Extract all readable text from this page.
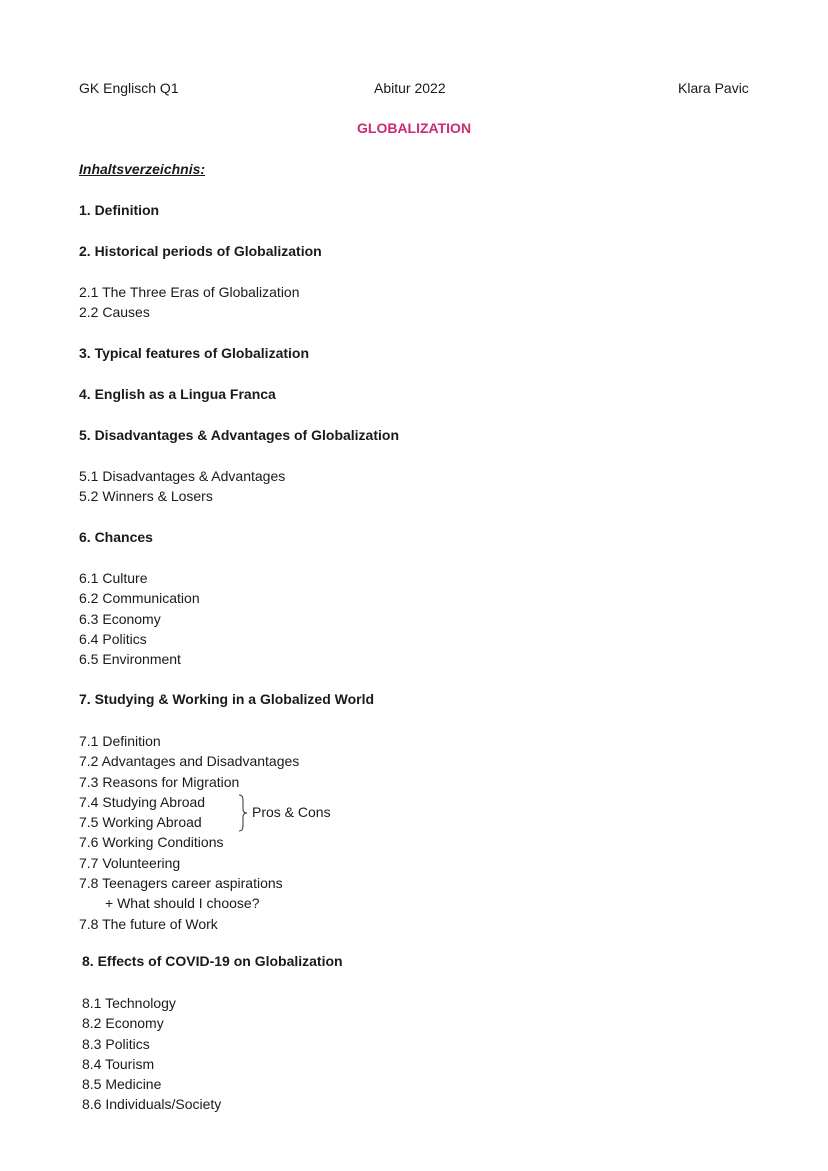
GK Englisch Q1	Abitur 2022	Klara Pavic
GLOBALIZATION
Inhaltsverzeichnis:
1. Definition
2. Historical periods of Globalization
2.1 The Three Eras of Globalization
2.2 Causes
3. Typical features of Globalization
4. English as a Lingua Franca
5. Disadvantages & Advantages of Globalization
5.1 Disadvantages & Advantages
5.2 Winners & Losers
6. Chances
6.1 Culture
6.2 Communication
6.3 Economy
6.4 Politics
6.5 Environment
7. Studying & Working in a Globalized World
7.1 Definition
7.2 Advantages and Disadvantages
7.3 Reasons for Migration
7.4 Studying Abroad
7.5 Working Abroad
7.6 Working Conditions
7.7 Volunteering
7.8 Teenagers career aspirations
+ What should I choose?
7.8 The future of Work
Pros & Cons
8. Effects of COVID-19 on Globalization
8.1 Technology
8.2 Economy
8.3 Politics
8.4 Tourism
8.5 Medicine
8.6 Individuals/Society
